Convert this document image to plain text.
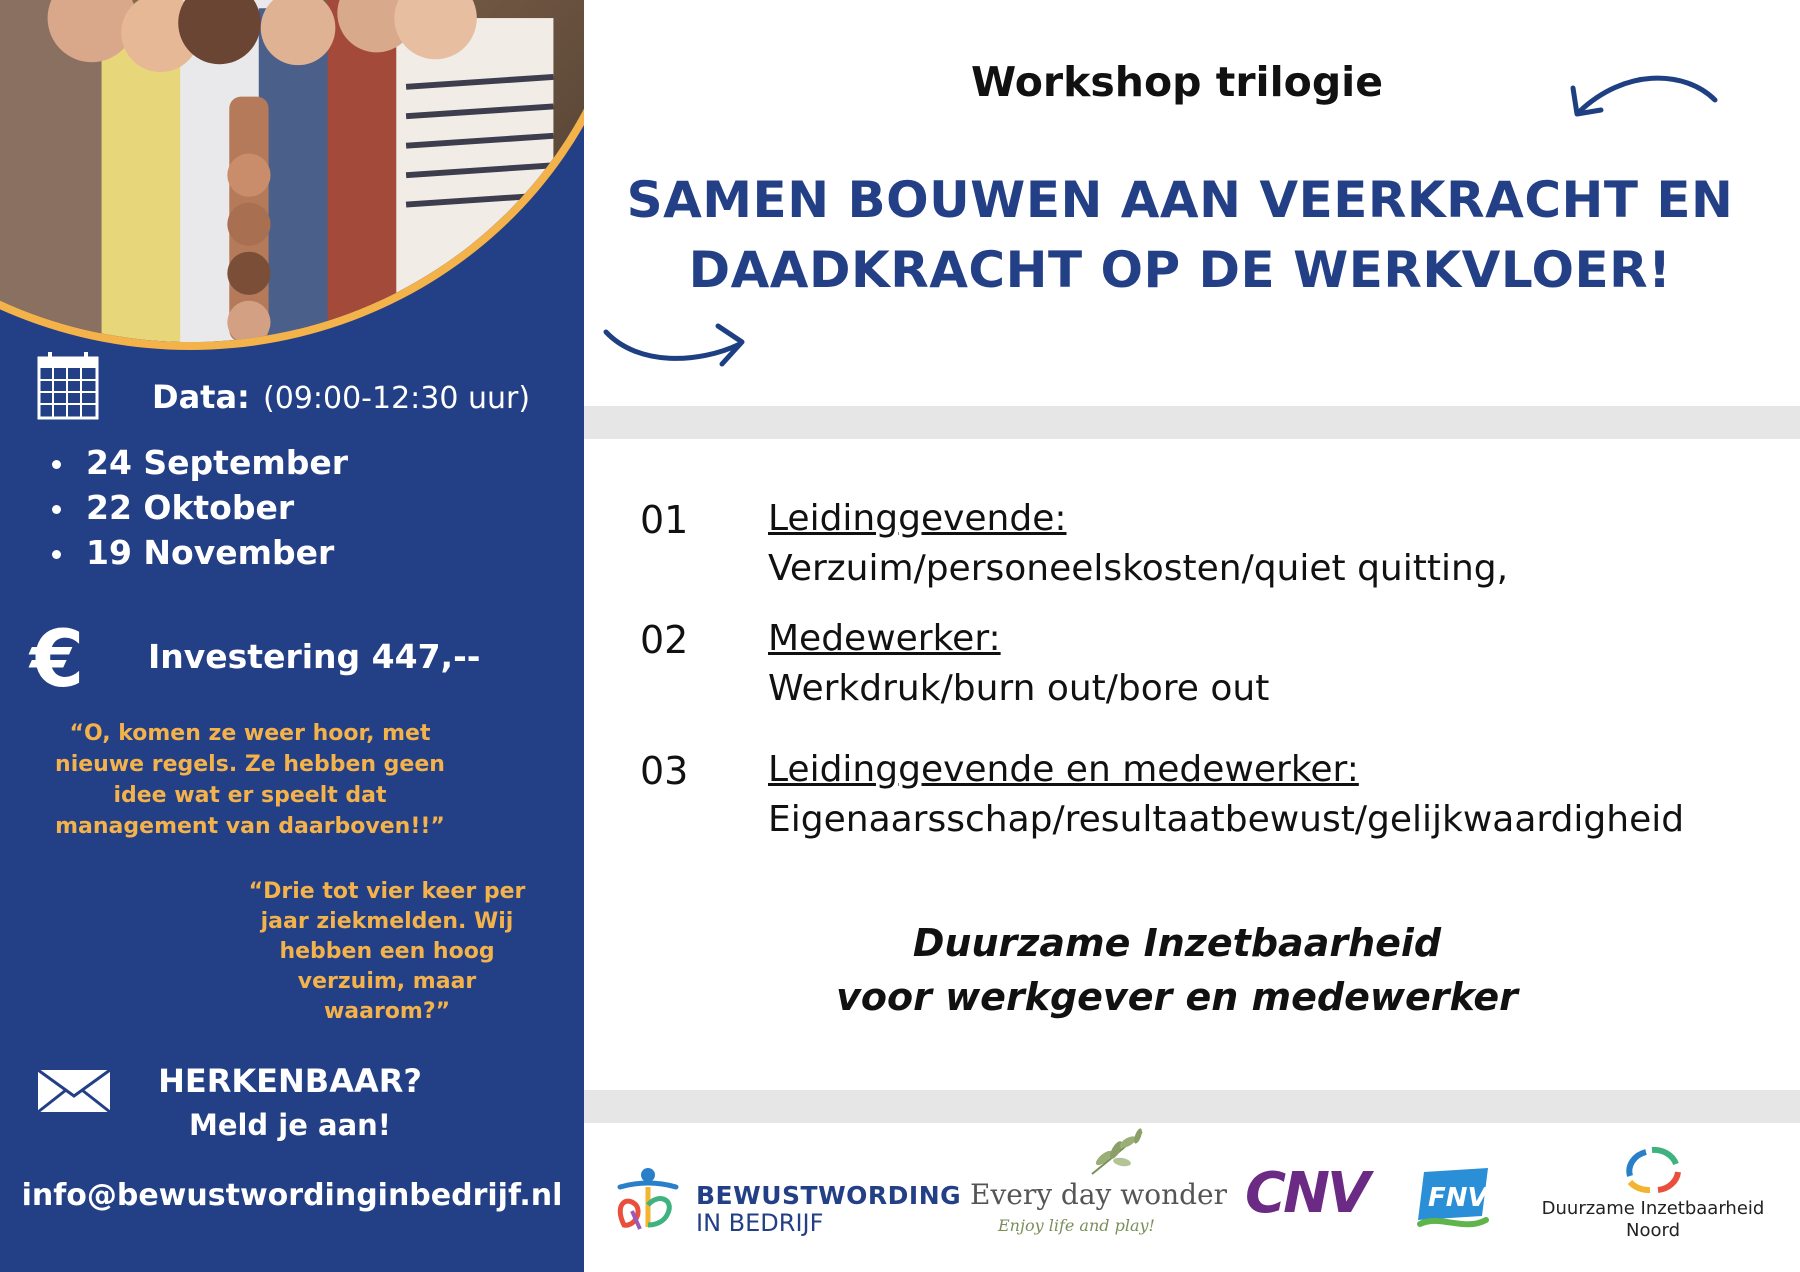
Data: (09:00-12:30 uur)
24 September
22 Oktober
19 November
€ Investering 447,--
“O, komen ze weer hoor, met nieuwe regels. Ze hebben geen idee wat er speelt dat management van daarboven!!”
“Drie tot vier keer per jaar ziekmelden. Wij hebben een hoog verzuim, maar waarom?”
HERKENBAAR?
Meld je aan!
info@bewustwordinginbedrijf.nl
Workshop trilogie
SAMEN BOUWEN AAN VEERKRACHT EN
DAADKRACHT OP DE WERKVLOER!
01 Leidinggevende:
Verzuim/personeelskosten/quiet quitting,
02 Medewerker:
Werkdruk/burn out/bore out
03 Leidinggevende en medewerker:
Eigenaarsschap/resultaatbewust/gelijkwaardigheid
Duurzame Inzetbaarheid
voor werkgever en medewerker
BEWUSTWORDING
IN BEDRIJF
Every day wonder
Enjoy life and play! CNV FNV	Duurzame Inzetbaarheid
Noord
